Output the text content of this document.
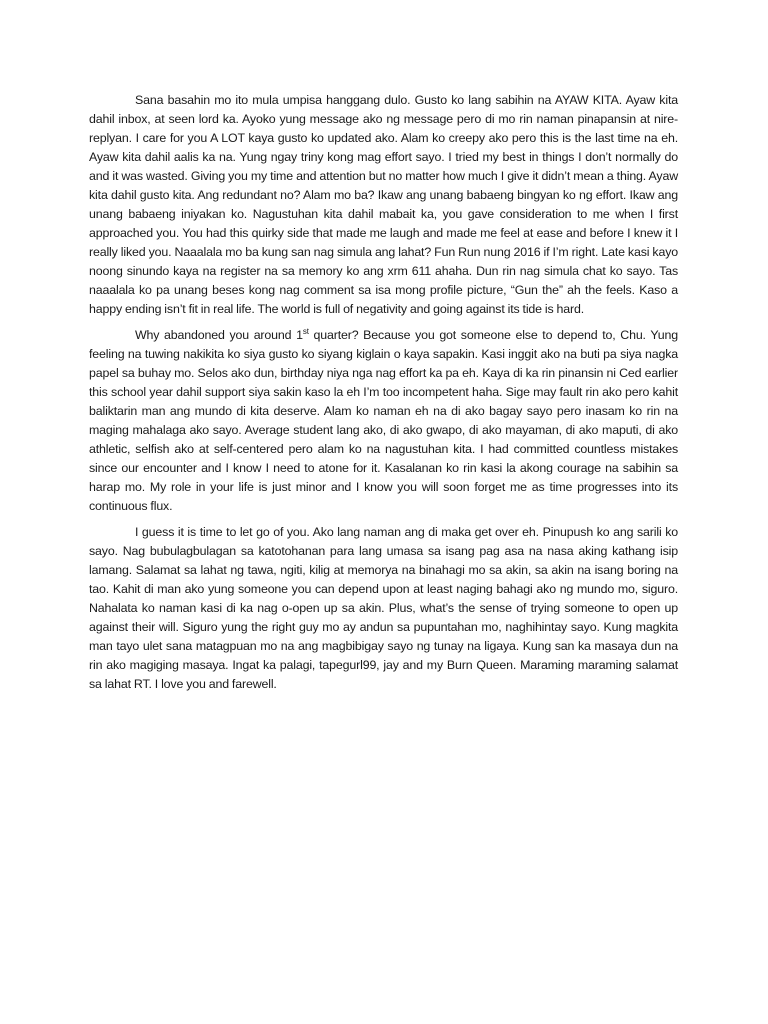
Sana basahin mo ito mula umpisa hanggang dulo. Gusto ko lang sabihin na AYAW KITA. Ayaw kita dahil inbox, at seen lord ka. Ayoko yung message ako ng message pero di mo rin naman pinapansin at nire-replyan. I care for you A LOT kaya gusto ko updated ako. Alam ko creepy ako pero this is the last time na eh. Ayaw kita dahil aalis ka na. Yung ngay triny kong mag effort sayo. I tried my best in things I don’t normally do and it was wasted. Giving you my time and attention but no matter how much I give it didn’t mean a thing. Ayaw kita dahil gusto kita. Ang redundant no? Alam mo ba? Ikaw ang unang babaeng bingyan ko ng effort. Ikaw ang unang babaeng iniyakan ko. Nagustuhan kita dahil mabait ka, you gave consideration to me when I first approached you. You had this quirky side that made me laugh and made me feel at ease and before I knew it I really liked you. Naaalala mo ba kung san nag simula ang lahat? Fun Run nung 2016 if I’m right. Late kasi kayo noong sinundo kaya na register na sa memory ko ang xrm 611 ahaha. Dun rin nag simula chat ko sayo. Tas naaalala ko pa unang beses kong nag comment sa isa mong profile picture, “Gun the” ah the feels. Kaso a happy ending isn’t fit in real life. The world is full of negativity and going against its tide is hard.

Why abandoned you around 1st quarter? Because you got someone else to depend to, Chu. Yung feeling na tuwing nakikita ko siya gusto ko siyang kiglain o kaya sapakin. Kasi inggit ako na buti pa siya nagka papel sa buhay mo. Selos ako dun, birthday niya nga nag effort ka pa eh. Kaya di ka rin pinansin ni Ced earlier this school year dahil support siya sakin kaso la eh I’m too incompetent haha. Sige may fault rin ako pero kahit baliktarin man ang mundo di kita deserve. Alam ko naman eh na di ako bagay sayo pero inasam ko rin na maging mahalaga ako sayo. Average student lang ako, di ako gwapo, di ako mayaman, di ako maputi, di ako athletic, selfish ako at self-centered pero alam ko na nagustuhan kita. I had committed countless mistakes since our encounter and I know I need to atone for it. Kasalanan ko rin kasi la akong courage na sabihin sa harap mo. My role in your life is just minor and I know you will soon forget me as time progresses into its continuous flux.

I guess it is time to let go of you. Ako lang naman ang di maka get over eh. Pinupush ko ang sarili ko sayo. Nag bubulagbulagan sa katotohanan para lang umasa sa isang pag asa na nasa aking kathang isip lamang. Salamat sa lahat ng tawa, ngiti, kilig at memorya na binahagi mo sa akin, sa akin na isang boring na tao. Kahit di man ako yung someone you can depend upon at least naging bahagi ako ng mundo mo, siguro. Nahalata ko naman kasi di ka nag o-open up sa akin. Plus, what’s the sense of trying someone to open up against their will. Siguro yung the right guy mo ay andun sa pupuntahan mo, naghihintay sayo. Kung magkita man tayo ulet sana matagpuan mo na ang magbibigay sayo ng tunay na ligaya. Kung san ka masaya dun na rin ako magiging masaya. Ingat ka palagi, tapegurl99, jay and my Burn Queen. Maraming maraming salamat sa lahat RT. I love you and farewell.
